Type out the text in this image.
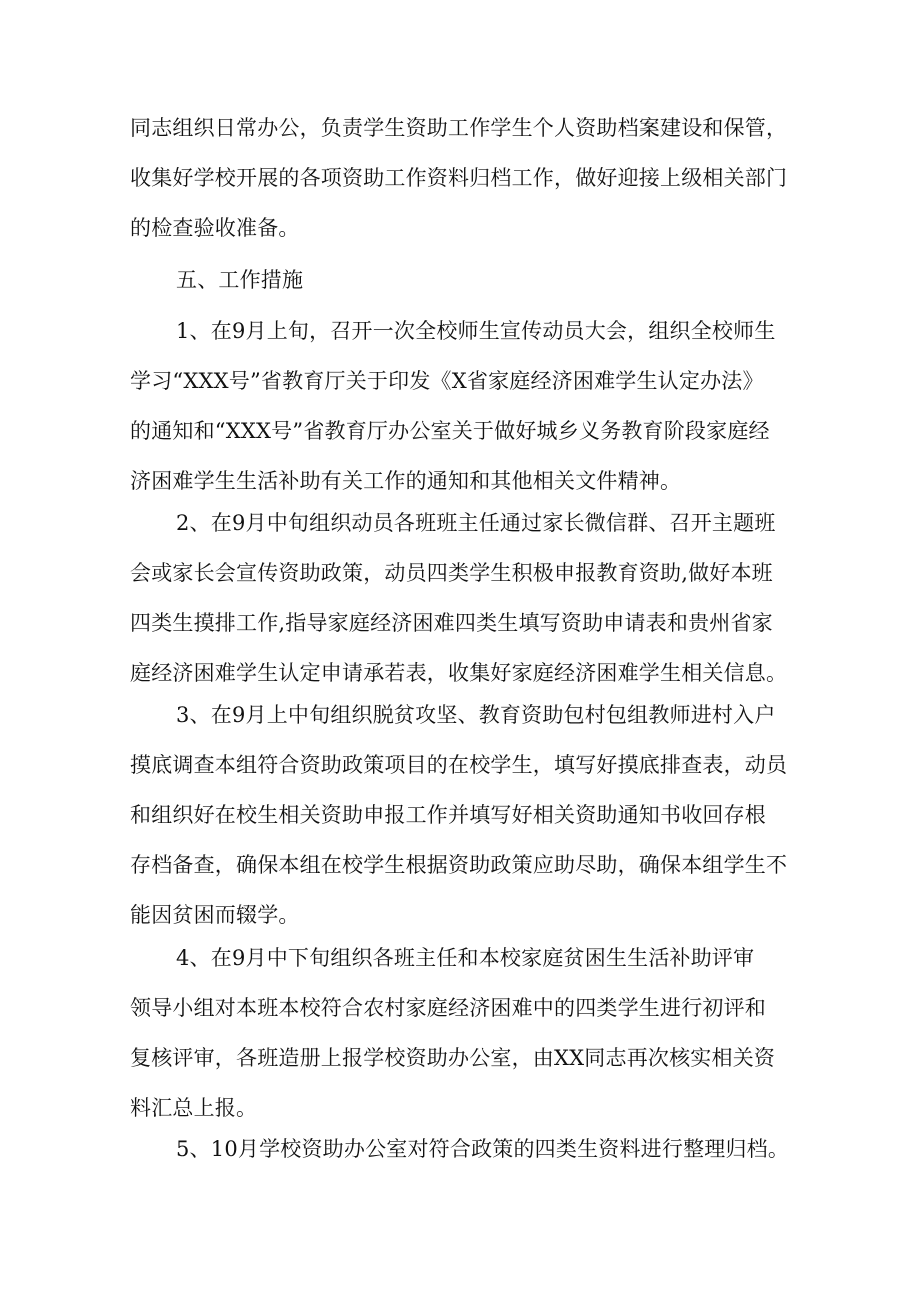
同志组织日常办公，负责学生资助工作学生个人资助档案建设和保管，
收集好学校开展的各项资助工作资料归档工作，做好迎接上级相关部门
的检查验收准备。
五、工作措施
1、在9月上旬，召开一次全校师生宣传动员大会，组织全校师生
学习“XXX号”省教育厅关于印发《X省家庭经济困难学生认定办法》
的通知和“XXX号”省教育厅办公室关于做好城乡义务教育阶段家庭经
济困难学生生活补助有关工作的通知和其他相关文件精神。
2、在9月中旬组织动员各班班主任通过家长微信群、召开主题班
会或家长会宣传资助政策，动员四类学生积极申报教育资助,做好本班
四类生摸排工作,指导家庭经济困难四类生填写资助申请表和贵州省家
庭经济困难学生认定申请承若表，收集好家庭经济困难学生相关信息。
3、在9月上中旬组织脱贫攻坚、教育资助包村包组教师进村入户
摸底调查本组符合资助政策项目的在校学生，填写好摸底排查表，动员
和组织好在校生相关资助申报工作并填写好相关资助通知书收回存根
存档备查，确保本组在校学生根据资助政策应助尽助，确保本组学生不
能因贫困而辍学。
4、在9月中下旬组织各班主任和本校家庭贫困生生活补助评审
领导小组对本班本校符合农村家庭经济困难中的四类学生进行初评和
复核评审，各班造册上报学校资助办公室，由XX同志再次核实相关资
料汇总上报。
5、10月学校资助办公室对符合政策的四类生资料进行整理归档。
